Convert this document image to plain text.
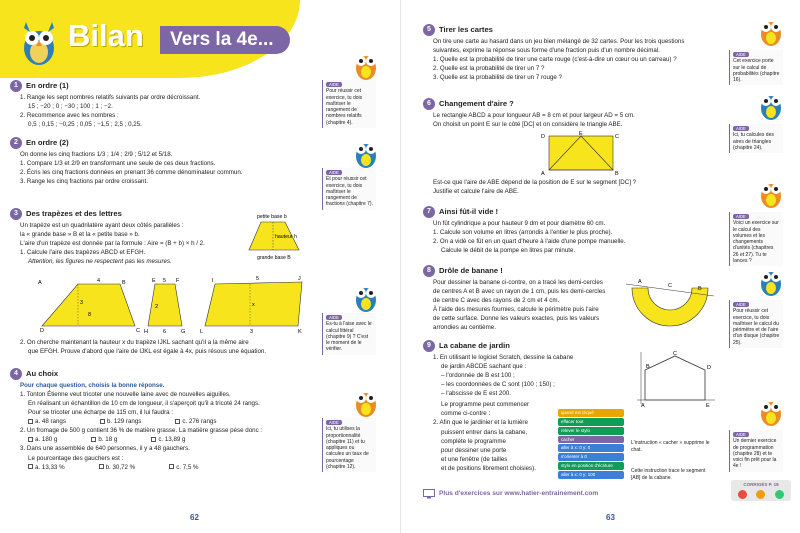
Bilan	Vers la 4e...
1	En ordre (1)
1. Range les sept nombres relatifs suivants par ordre décroissant.
15 ; −20 ; 0 ; −30 ; 100 ; 1 ; −2.
2. Recommence avec les nombres :
0,5 ; 0,15 ; −0,25 ; 0,05 ; −1,5 ; 2,5 ; 0,25.
2	En ordre (2)
On donne les cinq fractions 1/3 ; 1/4 ; 2/9 ; 5/12 et 5/18.
1. Compare 1/3 et 2/9 en transformant une seule de ces deux fractions.
2. Écris les cinq fractions données en prenant 36 comme dénominateur commun.
3. Range les cinq fractions par ordre croissant.
3	Des trapèzes et des lettres
Un trapèze est un quadrilatère ayant deux côtés parallèles :
la « grande base » B et la « petite base » b.
L'aire d'un trapèze est donnée par la formule : Aire = (B + b) × h / 2.
1. Calcule l'aire des trapèzes ABCD et EFGH.
Attention, les figures ne respectent pas les mesures.
petite base b
hauteur h
grande base B
A	B
C
D
E	F
G
H
I	J
K
L
4
8
3
5
2
6
x
5
3
2. On cherche maintenant la hauteur x du trapèze IJKL sachant qu'il a la même aire
que EFGH. Prouve d'abord que l'aire de IJKL est égale à 4x, puis résous une équation.
4	Au choix
Pour chaque question, choisis la bonne réponse.
1. Tonton Étienne veut tricoter une nouvelle laine avec de nouvelles aiguilles.
En réalisant un échantillon de 10 cm de longueur, il s'aperçoit qu'il a tricoté 24 rangs.
Pour se tricoter une écharpe de 115 cm, il lui faudra :
a. 48 rangs	b. 129 rangs	c. 276 rangs
2. Un fromage de 500 g contient 36 % de matière grasse. La matière grasse pèse donc :
a. 180 g	b. 18 g	c. 13,89 g
3. Dans une assemblée de 640 personnes, il y a 48 gauchers.
Le pourcentage des gauchers est :
a. 13,33 %	b. 30,72 %	c. 7,5 %
AIDE
Pour réussir cet exercice, tu dois maîtriser le rangement de nombres relatifs (chapitre 4).
AIDE
Et pour réussir cet exercice, tu dois maîtriser le rangement de fractions (chapitre 7).
AIDE
Es-tu à l'aise avec le calcul littéral (chapitre 9) ? C'est le moment de le vérifier.
AIDE
Ici, tu utilises la proportionnalité (chapitre 11) et tu appliques ou calcules un taux de pourcentage (chapitre 12).
62
5	Tirer les cartes
On tire une carte au hasard dans un jeu bien mélangé de 32 cartes. Pour les trois questions
suivantes, exprime la réponse sous forme d'une fraction puis d'un nombre décimal.
1. Quelle est la probabilité de tirer une carte rouge (c'est-à-dire un cœur ou un carreau) ?
2. Quelle est la probabilité de tirer un 7 ?
3. Quelle est la probabilité de tirer un 7 rouge ?
6	Changement d'aire ?
Le rectangle ABCD a pour longueur AB = 8 cm et pour largeur AD = 5 cm.
On choisit un point E sur le côté [DC] et on considère le triangle ABE.
D	E	C
A	B
Est-ce que l'aire de ABE dépend de la position de E sur le segment [DC] ?
Justifie et calcule l'aire de ABE.
7	Ainsi fût-il vide !
Un fût cylindrique a pour hauteur 9 dm et pour diamètre 60 cm.
1. Calcule son volume en litres (arrondis à l'entier le plus proche).
2. On a vidé ce fût en un quart d'heure à l'aide d'une pompe manuelle.
Calcule le débit de la pompe en litres par minute.
8	Drôle de banane !
Pour dessiner la banane ci-contre, on a tracé les demi-cercles
de centres A et B avec un rayon de 1 cm, puis les demi-cercles
de centre C avec des rayons de 2 cm et 4 cm.
À l'aide des mesures fournies, calcule le périmètre puis l'aire
de cette surface. Donne les valeurs exactes, puis les valeurs
arrondies au centième.
A
C	B
9	La cabane de jardin
1. En utilisant le logiciel Scratch, dessine la cabane
de jardin ABCDE sachant que :
– l'ordonnée de B est 100 ;
– les coordonnées de C sont (100 ; 150) ;
– l'abscisse de E est 200.
Le programme peut commencer
comme ci-contre :
2. Afin que le jardinier et la lumière
puissent entrer dans la cabane,
complète le programme
pour dessiner une porte
et une fenêtre (de tailles
et de positions librement choisies).
A
B
C
D
E
quand est cliqué
effacer tout
relever le stylo
cacher
aller à x: 0 y: 0
s'orienter à 0
stylo en position d'écriture
aller à x: 0 y: 100
L'instruction « cacher » supprime le chat.
Cette instruction trace le segment [AB] de la cabane.
Plus d'exercices sur www.hatier-entrainement.com
AIDE
Cet exercice porte sur le calcul de probabilités (chapitre 16).
AIDE
Ici, tu calcules des aires de triangles (chapitre 24).
AIDE
Voici un exercice sur le calcul des volumes et les changements d'unités (chapitres 26 et 27). Tu te lances ?
AIDE
Pour réussir cet exercice, tu dois maîtriser le calcul du périmètre et de l'aire d'un disque (chapitre 25).
AIDE
Un dernier exercice de programmation (chapitre 28) et te voici fin prêt pour la 4e !
CORRIGÉS P. 18
63
